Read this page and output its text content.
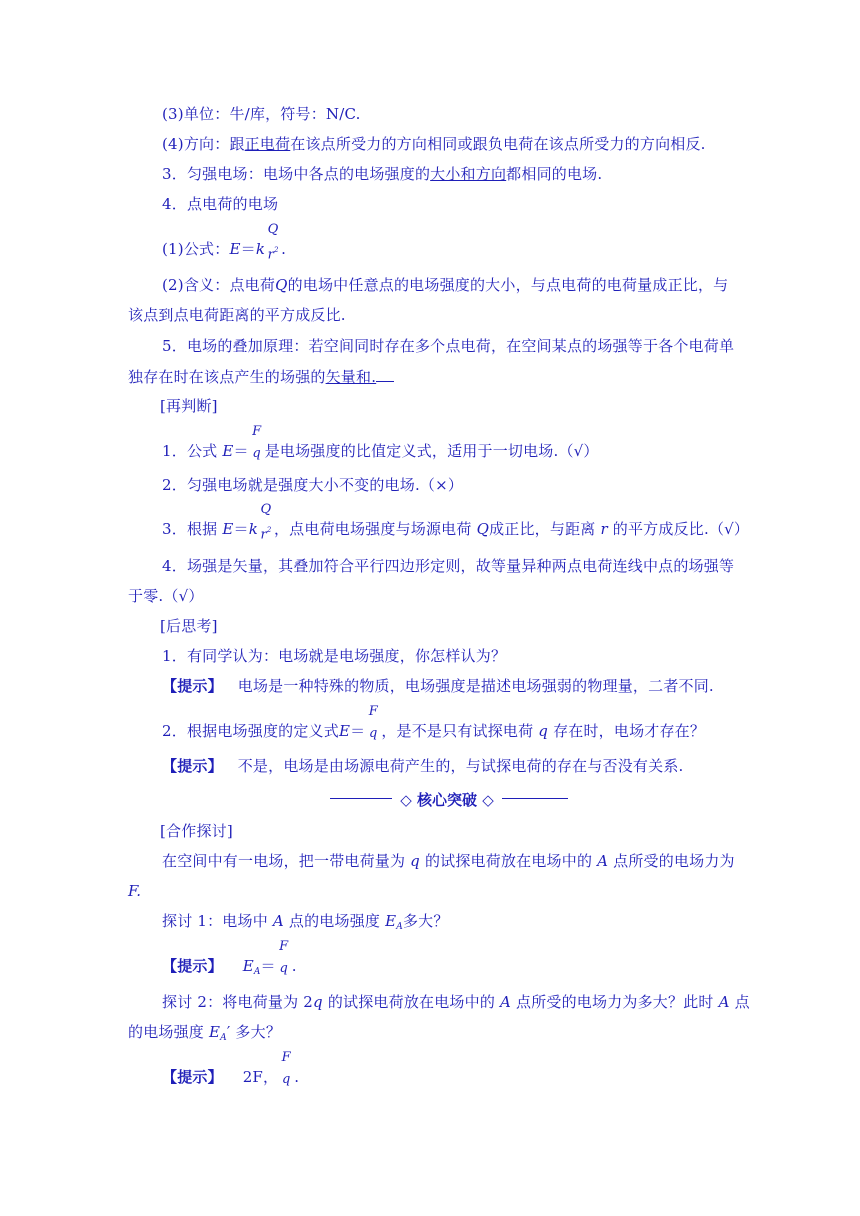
(3)单位：牛/库，符号：N/C.
(4)方向：跟正电荷在该点所受力的方向相同或跟负电荷在该点所受力的方向相反.
3．匀强电场：电场中各点的电场强度的大小和方向都相同的电场.
4．点电荷的电场
(1)公式：E＝k
Q
$r^2$ .
(2)含义：点电荷Q的电场中任意点的电场强度的大小，与点电荷的电荷量成正比，与
该点到点电荷距离的平方成反比.
5．电场的叠加原理：若空间同时存在多个点电荷，在空间某点的场强等于各个电荷单
独存在时在该点产生的场强的矢量和.
[再判断]
1．公式 E＝
F
q 是电场强度的比值定义式，适用于一切电场.（√）
2．匀强电场就是强度大小不变的电场.（×）
3．根据 E＝k
Q
$r^2$ ，点电荷电场强度与场源电荷 Q成正比，与距离 r 的平方成反比.（√）
4．场强是矢量，其叠加符合平行四边形定则，故等量异种两点电荷连线中点的场强等
于零.（√）
[后思考]
1．有同学认为：电场就是电场强度，你怎样认为？
【提示】 电场是一种特殊的物质，电场强度是描述电场强弱的物理量，二者不同.
2．根据电场强度的定义式E＝
F
q ，是不是只有试探电荷 q 存在时，电场才存在？
【提示】 不是，电场是由场源电荷产生的，与试探电荷的存在与否没有关系.
◇ 核心突破 ◇
[合作探讨]
在空间中有一电场，把一带电荷量为 q 的试探电荷放在电场中的 A 点所受的电场力为
F.
探讨 1：电场中 A 点的电场强度 $E_A$多大？
【提示】 $E_A=$
F
q .
探讨 2：将电荷量为 2q 的试探电荷放在电场中的 A 点所受的电场力为多大？此时 A 点
的电场强度 $E_A'$ 多大？
【提示】 2F，
F
q .
